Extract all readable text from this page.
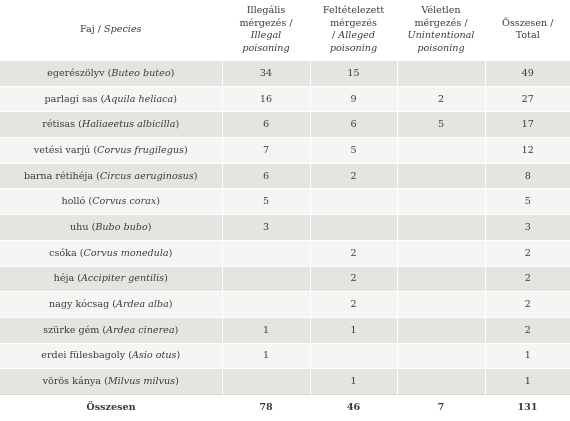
Faj / Species	Illegális
mérgezés / Illegal
poisoning	Feltételezett
mérgezés
/ Alleged
poisoning	Véletlen
mérgezés /
Unintentional
poisoning	Összesen / Total
egerészölyv (Buteo buteo)	34	15		49
parlagi sas (Aquila heliaca)	16	9	2	27
rétisas (Haliaeetus albicilla)	6	6	5	17
vetési varjú (Corvus frugilegus)	7	5		12
barna rétihéja (Circus aeruginosus)	6	2		8
holló (Corvus corax)	5			5
uhu (Bubo bubo)	3			3
csóka (Corvus monedula)		2		2
héja (Accipiter gentilis)		2		2
nagy kócsag (Ardea alba)		2		2
szürke gém (Ardea cinerea)	1	1		2
erdei fülesbagoly (Asio otus)	1			1
vörös kánya (Milvus milvus)		1		1
Összesen	78	46	7	131
